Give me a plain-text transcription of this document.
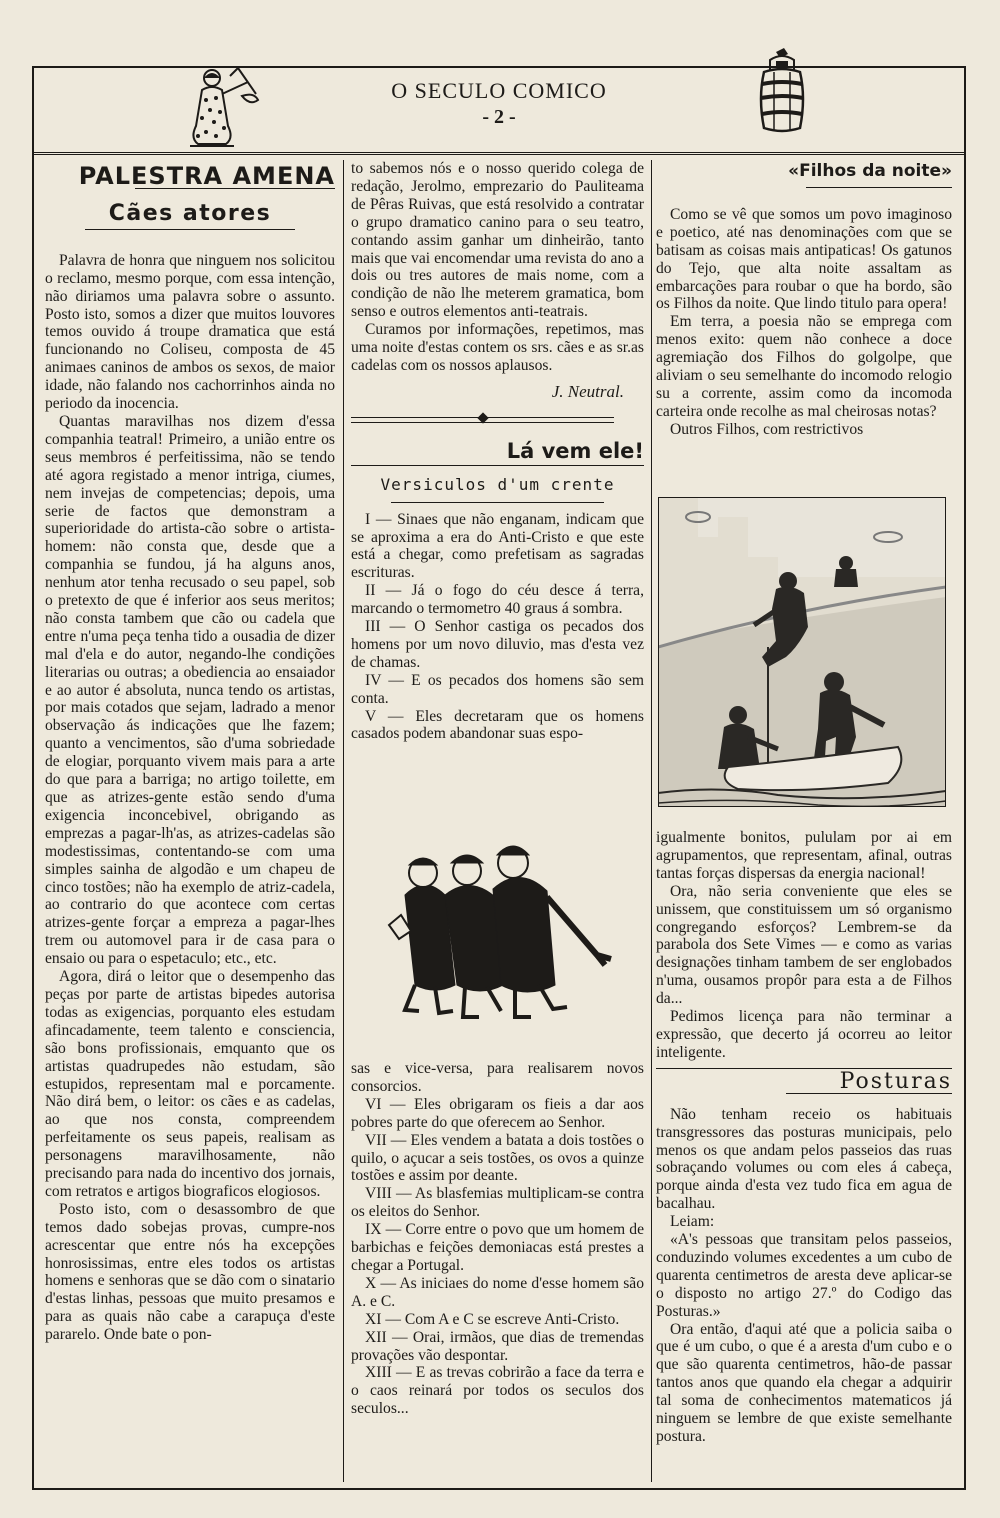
O SECULO COMICO
- 2 -
PALESTRA AMENA
Cães atores

Palavra de honra que ninguem nos solicitou o reclamo, mesmo porque, com essa intenção, não diriamos uma palavra sobre o assunto. Posto isto, somos a dizer que muitos louvores temos ouvido á troupe dramatica que está funcionando no Coliseu, composta de 45 animaes caninos de ambos os sexos, de maior idade, não falando nos cachorrinhos ainda no periodo da inocencia.

Quantas maravilhas nos dizem d'essa companhia teatral! Primeiro, a união entre os seus membros é perfeitissima, não se tendo até agora registado a menor intriga, ciumes, nem invejas de competencias; depois, uma serie de factos que demonstram a superioridade do artista-cão sobre o artista-homem: não consta que, desde que a companhia se fundou, já ha alguns anos, nenhum ator tenha recusado o seu papel, sob o pretexto de que é inferior aos seus meritos; não consta tambem que cão ou cadela que entre n'uma peça tenha tido a ousadia de dizer mal d'ela e do autor, negando-lhe condições literarias ou outras; a obediencia ao ensaiador e ao autor é absoluta, nunca tendo os artistas, por mais cotados que sejam, ladrado a menor observação ás indicações que lhe fazem; quanto a vencimentos, são d'uma sobriedade de elogiar, porquanto vivem mais para a arte do que para a barriga; no artigo toilette, em que as atrizes-gente estão sendo d'uma exigencia inconcebivel, obrigando as emprezas a pagar-lh'as, as atrizes-cadelas são modestissimas, contentando-se com uma simples sainha de algodão e um chapeu de cinco tostões; não ha exemplo de atriz-cadela, ao contrario do que acontece com certas atrizes-gente forçar a empreza a pagar-lhes trem ou automovel para ir de casa para o ensaio ou para o espetaculo; etc., etc.

Agora, dirá o leitor que o desempenho das peças por parte de artistas bipedes autorisa todas as exigencias, porquanto eles estudam afincadamente, teem talento e consciencia, são bons profissionais, emquanto que os artistas quadrupedes não estudam, são estupidos, representam mal e porcamente. Não dirá bem, o leitor: os cães e as cadelas, ao que nos consta, compreendem perfeitamente os seus papeis, realisam as personagens maravilhosamente, não precisando para nada do incentivo dos jornais, com retratos e artigos biograficos elogiosos.

Posto isto, com o desassombro de que temos dado sobejas provas, cumpre-nos acrescentar que entre nós ha excepções honrosissimas, entre eles todos os artistas homens e senhoras que se dão com o sinatario d'estas linhas, pessoas que muito presamos e para as quais não cabe a carapuça d'este pararelo. Onde bate o pon-

to sabemos nós e o nosso querido colega de redação, Jerolmo, emprezario do Pauliteama de Pêras Ruivas, que está resolvido a contratar o grupo dramatico canino para o seu teatro, contando assim ganhar um dinheirão, tanto mais que vai encomendar uma revista do ano a dois ou tres autores de mais nome, com a condição de não lhe meterem gramatica, bom senso e outros elementos anti-teatrais.

Curamos por informações, repetimos, mas uma noite d'estas contem os srs. cães e as sr.as cadelas com os nossos aplausos.

J. Neutral.
Lá vem ele!
Versiculos d'um crente

I — Sinaes que não enganam, indicam que se aproxima a era do Anti-Cristo e que este está a chegar, como prefetisam as sagradas escrituras.

II — Já o fogo do céu desce á terra, marcando o termometro 40 graus á sombra.

III — O Senhor castiga os pecados dos homens por um novo diluvio, mas d'esta vez de chamas.

IV — E os pecados dos homens são sem conta.

V — Eles decretaram que os homens casados podem abandonar suas espo-

sas e vice-versa, para realisarem novos consorcios.

VI — Eles obrigaram os fieis a dar aos pobres parte do que oferecem ao Senhor.

VII — Eles vendem a batata a dois tostões o quilo, o açucar a seis tostões, os ovos a quinze tostões e assim por deante.

VIII — As blasfemias multiplicam-se contra os eleitos do Senhor.

IX — Corre entre o povo que um homem de barbichas e feições demoniacas está prestes a chegar a Portugal.

X — As iniciaes do nome d'esse homem são A. e C.

XI — Com A e C se escreve Anti-Cristo.

XII — Orai, irmãos, que dias de tremendas provações vão despontar.

XIII — E as trevas cobrirão a face da terra e o caos reinará por todos os seculos dos seculos...

«Filhos da noite»

Como se vê que somos um povo imaginoso e poetico, até nas denominações com que se batisam as coisas mais antipaticas! Os gatunos do Tejo, que alta noite assaltam as embarcações para roubar o que ha bordo, são os Filhos da noite. Que lindo titulo para opera!

Em terra, a poesia não se emprega com menos exito: quem não conhece a doce agremiação dos Filhos do golgolpe, que aliviam o seu semelhante do incomodo relogio su a corrente, assim como da incomoda carteira onde recolhe as mal cheirosas notas?

Outros Filhos, com restrictivos

igualmente bonitos, pululam por ai em agrupamentos, que representam, afinal, outras tantas forças dispersas da energia nacional!

Ora, não seria conveniente que eles se unissem, que constituissem um só organismo congregando esforços? Lembrem-se da parabola dos Sete Vimes — e como as varias designações tinham tambem de ser englobados n'uma, ousamos propôr para esta a de Filhos da...

Pedimos licença para não terminar a expressão, que decerto já ocorreu ao leitor inteligente.

Posturas

Não tenham receio os habituais transgressores das posturas municipais, pelo menos os que andam pelos passeios das ruas sobraçando volumes ou com eles á cabeça, porque ainda d'esta vez tudo fica em agua de bacalhau.

Leiam:

«A's pessoas que transitam pelos passeios, conduzindo volumes excedentes a um cubo de quarenta centimetros de aresta deve aplicar-se o disposto no artigo 27.º do Codigo das Posturas.»

Ora então, d'aqui até que a policia saiba o que é um cubo, o que é a aresta d'um cubo e o que são quarenta centimetros, hão-de passar tantos anos que quando ela chegar a adquirir tal soma de conhecimentos matematicos já ninguem se lembre de que existe semelhante postura.
